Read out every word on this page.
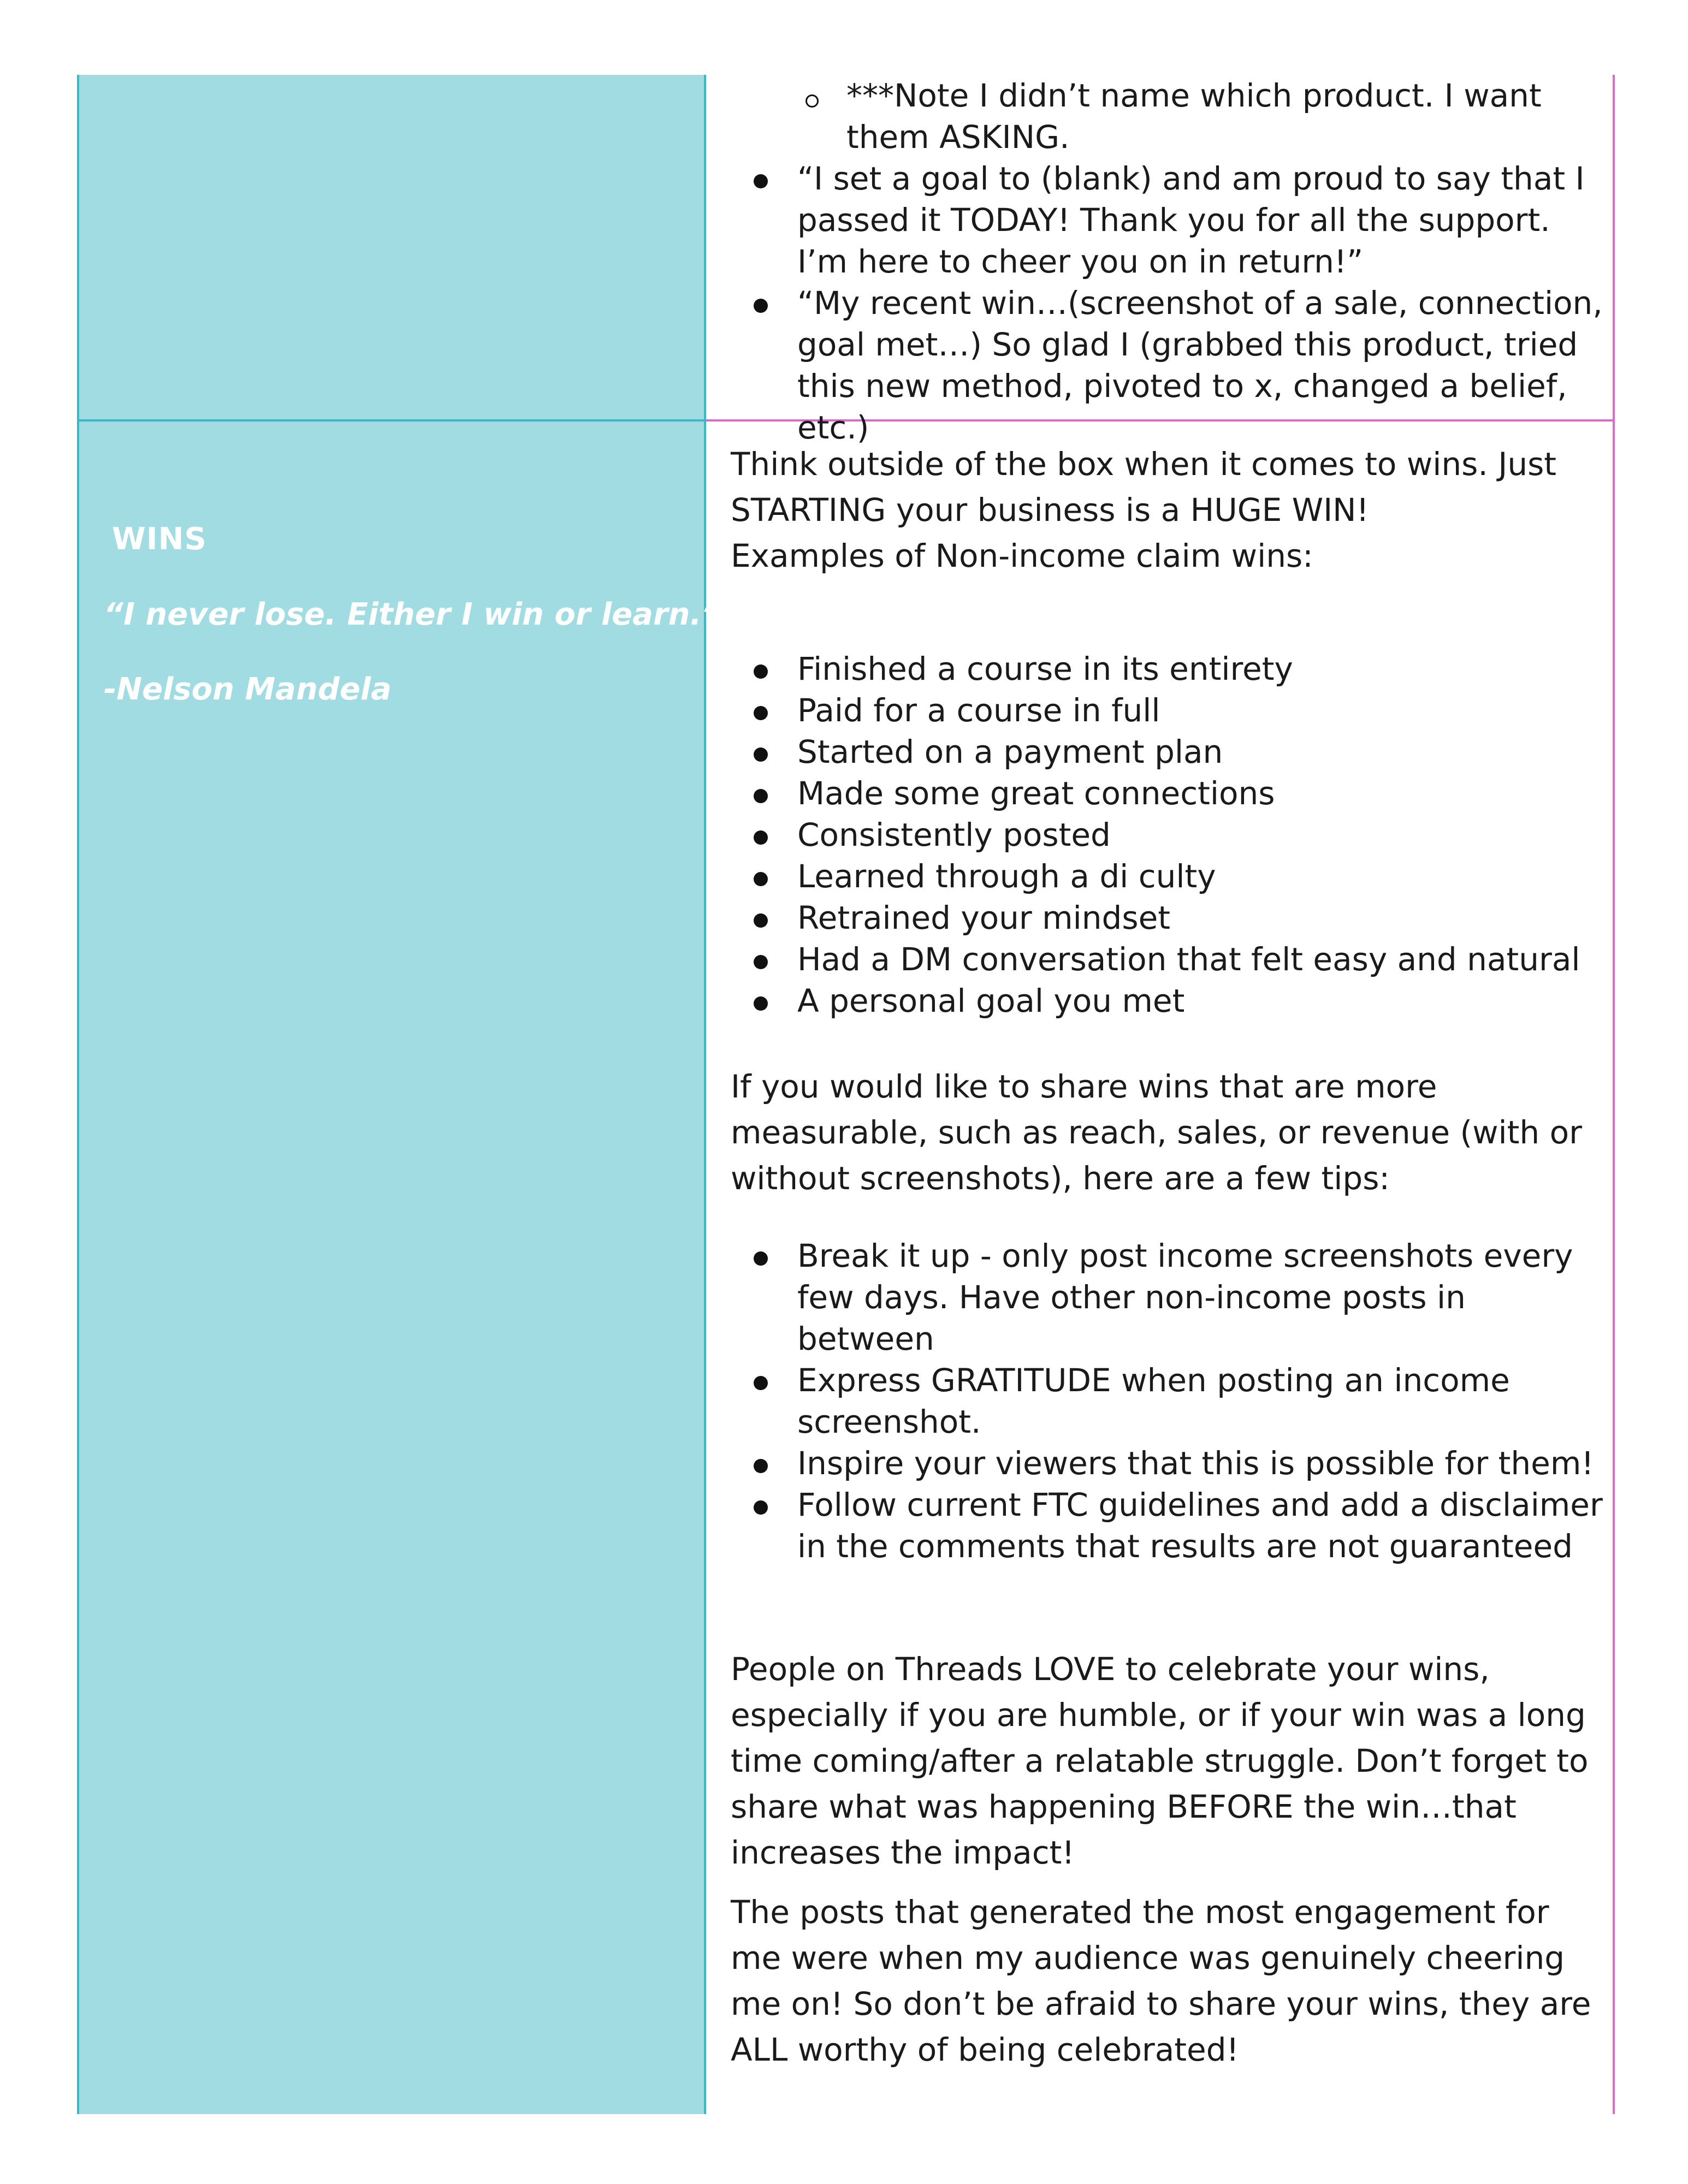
***Note I didn’t name which product. I want them ASKING.
“I set a goal to (blank) and am proud to say that I passed it TODAY! Thank you for all the support. I’m here to cheer you on in return!”
“My recent win…(screenshot of a sale, connection, goal met…) So glad I (grabbed this product, tried this new method, pivoted to x, changed a belief, etc.)
WINS
“I never lose. Either I win or learn.”
-Nelson Mandela
Think outside of the box when it comes to wins. Just STARTING your business is a HUGE WIN!
Examples of Non-income claim wins:
Finished a course in its entirety
Paid for a course in full
Started on a payment plan
Made some great connections
Consistently posted
Learned through a di culty
Retrained your mindset
Had a DM conversation that felt easy and natural
A personal goal you met
If you would like to share wins that are more measurable, such as reach, sales, or revenue (with or without screenshots), here are a few tips:
Break it up - only post income screenshots every few days. Have other non-income posts in between
Express GRATITUDE when posting an income screenshot.
Inspire your viewers that this is possible for them!
Follow current FTC guidelines and add a disclaimer in the comments that results are not guaranteed
People on Threads LOVE to celebrate your wins, especially if you are humble, or if your win was a long time coming/after a relatable struggle. Don’t forget to share what was happening BEFORE the win…that increases the impact!
The posts that generated the most engagement for me were when my audience was genuinely cheering me on! So don’t be afraid to share your wins, they are ALL worthy of being celebrated!
